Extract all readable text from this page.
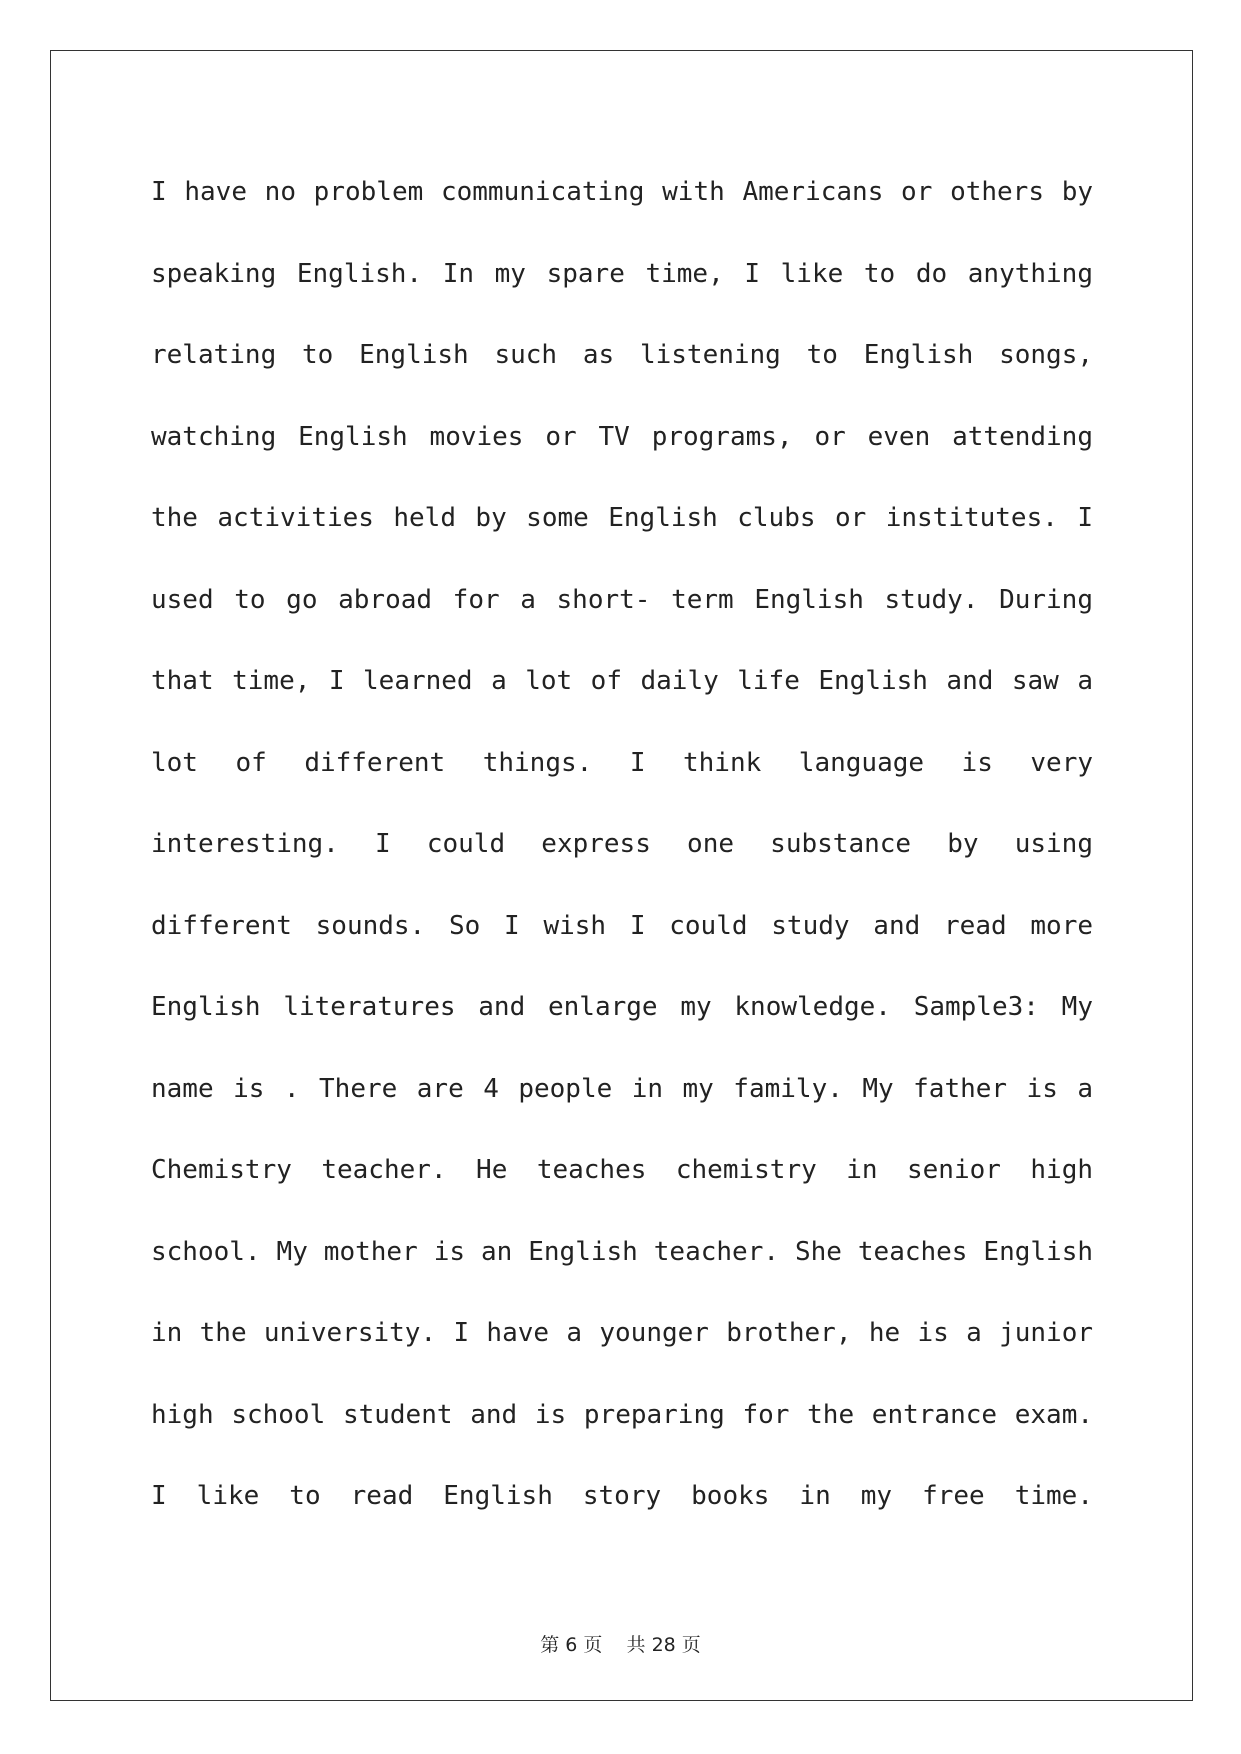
I have no problem communicating with Americans or others by
speaking English. In my spare time, I like to do anything
relating to English such as listening to English songs,
watching English movies or TV programs, or even attending
the activities held by some English clubs or institutes. I
used to go abroad for a short- term English study. During
that time, I learned a lot of daily life English and saw a
lot of different things. I think language is very
interesting. I could express one substance by using
different sounds. So I wish I could study and read more
English literatures and enlarge my knowledge. Sample3: My
name is . There are 4 people in my family. My father is a
Chemistry teacher. He teaches chemistry in senior high
school. My mother is an English teacher. She teaches English
in the university. I have a younger brother, he is a junior
high school student and is preparing for the entrance exam.
I like to read English story books in my free time.
第 6 页    共 28 页
